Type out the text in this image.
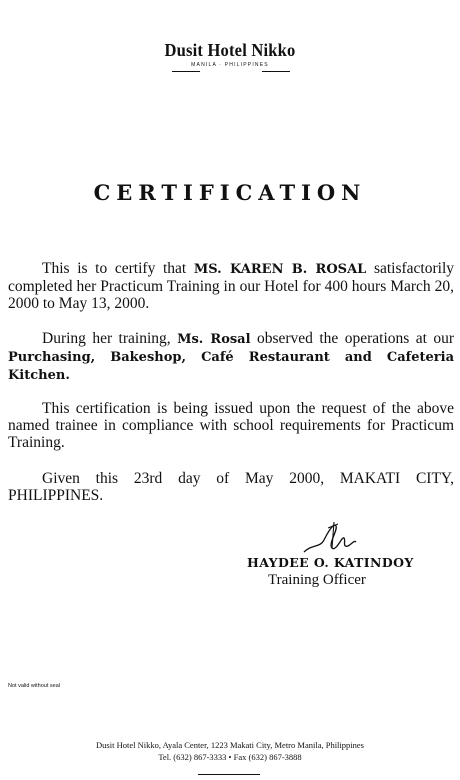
Dusit Hotel Nikko
MANILA · PHILIPPINES
CERTIFICATION

This is to certify that MS. KAREN B. ROSAL satisfactorily completed her Practicum Training in our Hotel for 400 hours March 20, 2000 to May 13, 2000.

During her training, Ms. Rosal observed the operations at our Purchasing, Bakeshop, Café Restaurant and Cafeteria Kitchen.

This certification is being issued upon the request of the above named trainee in compliance with school requirements for Practicum Training.

Given this 23rd day of May 2000, MAKATI CITY, PHILIPPINES.

HAYDEE O. KATINDOY
Training Officer
Not valid without seal
Dusit Hotel Nikko, Ayala Center, 1223 Makati City, Metro Manila, Philippines
Tel. (632) 867-3333 • Fax (632) 867-3888
